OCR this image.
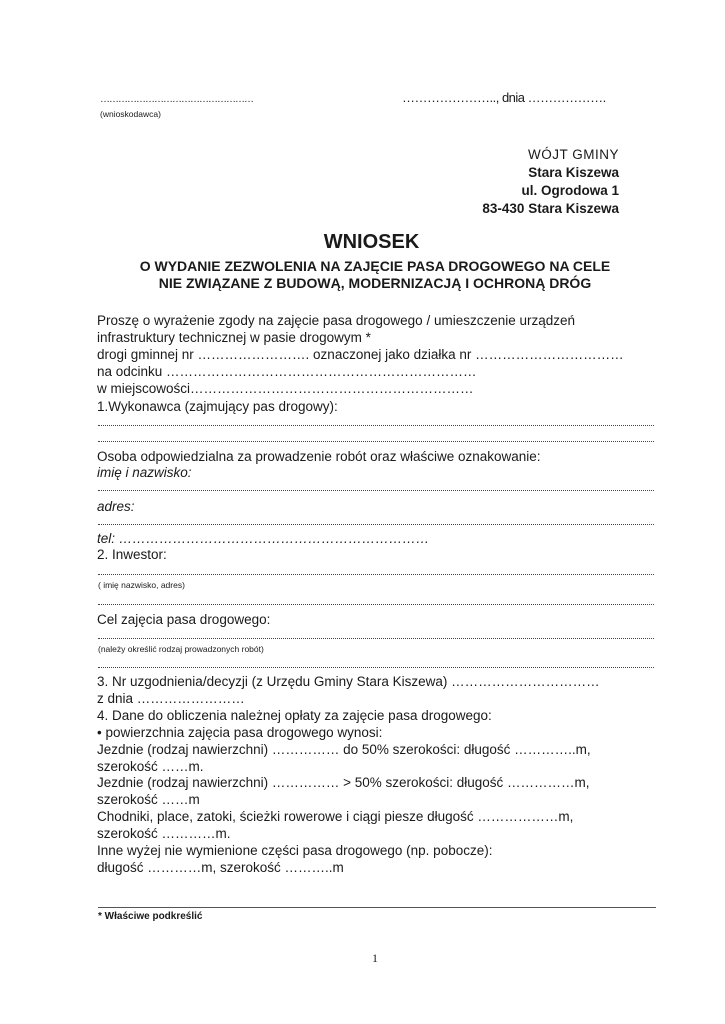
……………………………………………
(wnioskodawca)
………………….., dnia ……………….
WÓJT GMINY
Stara Kiszewa
ul. Ogrodowa 1
83-430 Stara Kiszewa
WNIOSEK
O WYDANIE ZEZWOLENIA NA ZAJĘCIE PASA DROGOWEGO NA CELE
NIE ZWIĄZANE Z BUDOWĄ, MODERNIZACJĄ I OCHRONĄ DRÓG
Proszę o wyrażenie zgody na zajęcie pasa drogowego / umieszczenie urządzeń
infrastruktury technicznej w pasie drogowym *
drogi gminnej nr ……………………. oznaczonej jako działka nr ……………………………
na odcinku ……………………………………………………………
w miejscowości………………………………………………………
1.Wykonawca (zajmujący pas drogowy):
Osoba odpowiedzialna za prowadzenie robót oraz właściwe oznakowanie:
imię i nazwisko:
adres:
tel: ……………………………………………………………
2. Inwestor:
( imię nazwisko, adres)
Cel zajęcia pasa drogowego:
(należy określić rodzaj prowadzonych robót)
3. Nr uzgodnienia/decyzji (z Urzędu Gminy Stara Kiszewa) ……………………………
z dnia ……………………
4. Dane do obliczenia należnej opłaty za zajęcie pasa drogowego:
• powierzchnia zajęcia pasa drogowego wynosi:
Jezdnie (rodzaj nawierzchni) …………… do 50% szerokości: długość …………..m,
szerokość ……m.
Jezdnie (rodzaj nawierzchni) …………… > 50% szerokości: długość ……………m,
szerokość ……m
Chodniki, place, zatoki, ścieżki rowerowe i ciągi piesze długość ………………m,
szerokość …………m.
Inne wyżej nie wymienione części pasa drogowego (np. pobocze):
długość …………m, szerokość ………..m
* Właściwe podkreślić
1
